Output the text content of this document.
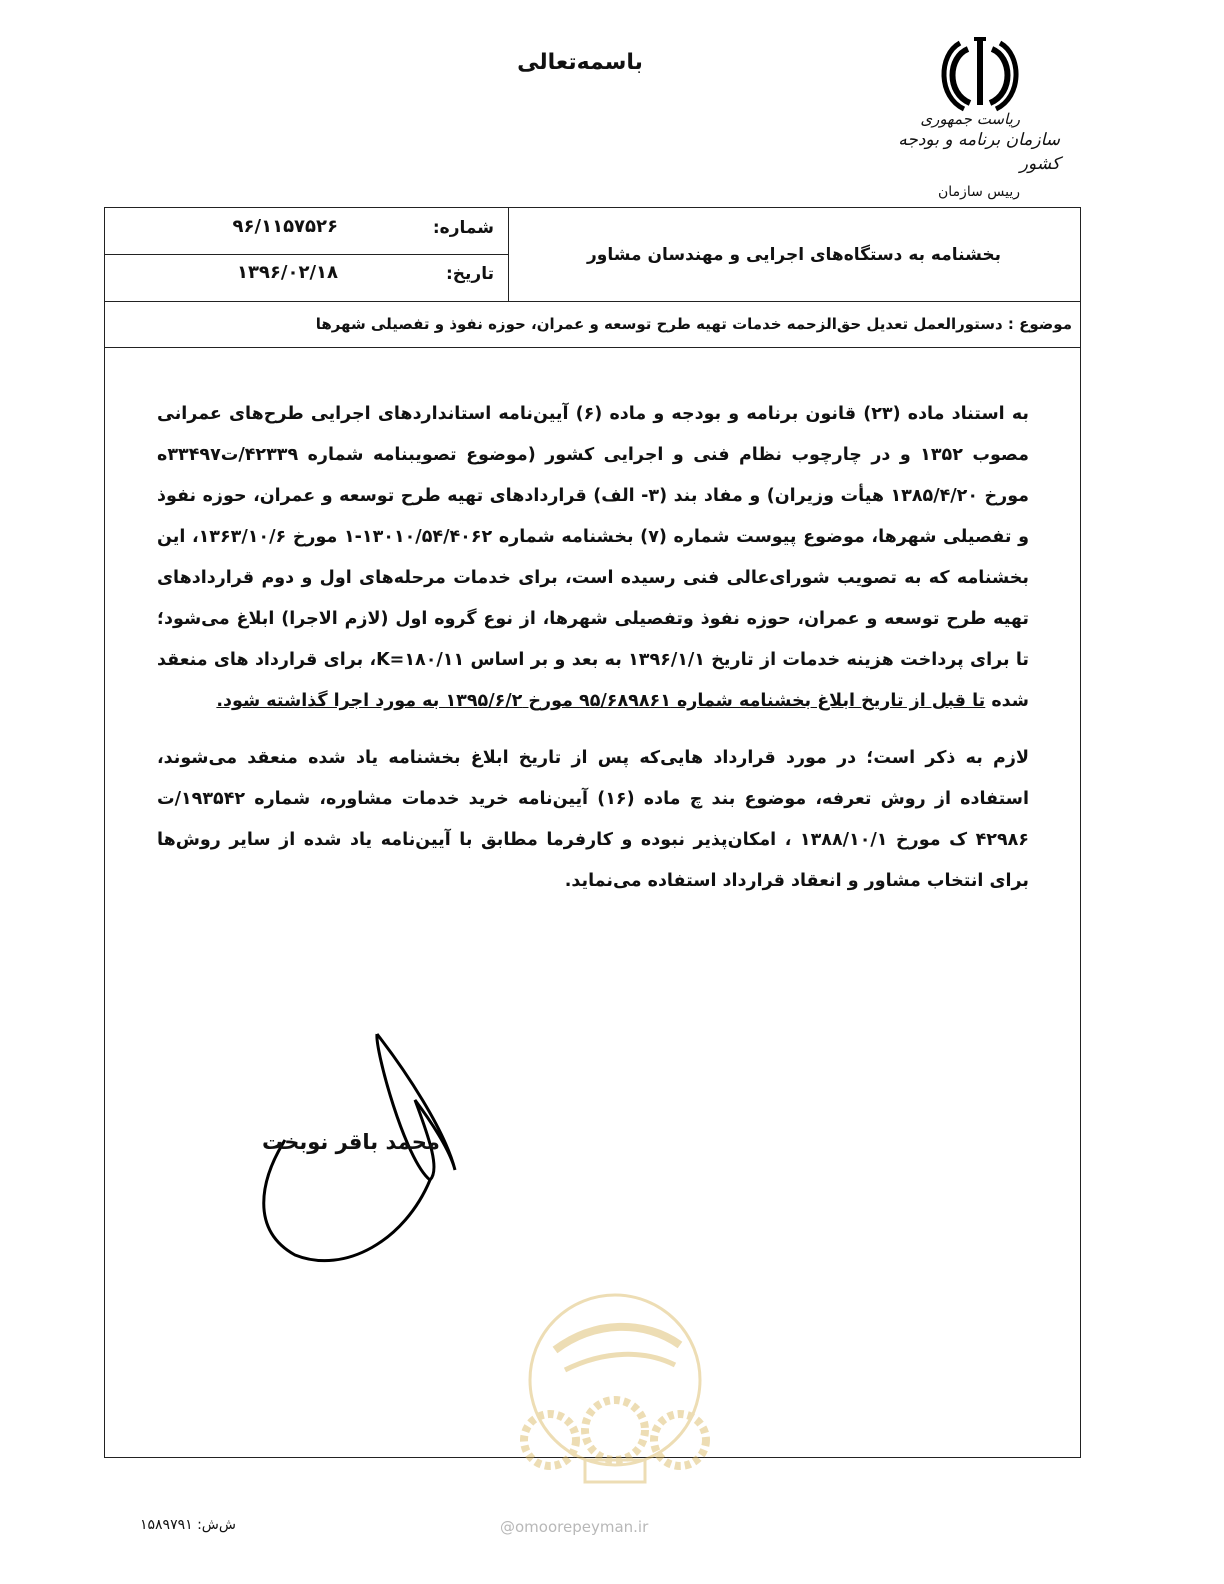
باسمه‌تعالی
ریاست جمهوری
سازمان برنامه و بودجه کشور
رییس سازمان
بخشنامه به دستگاه‌های اجرایی و مهندسان مشاور
شماره:
۹۶/۱۱۵۷۵۲۶
تاریخ:
۱۳۹۶/۰۲/۱۸
موضوع : دستورالعمل تعدیل حق‌الزحمه خدمات تهیه طرح توسعه و عمران، حوزه نفوذ و تفصیلی شهرها
به استناد ماده (۲۳) قانون برنامه و بودجه و ماده (۶) آیین‌نامه استانداردهای اجرایی طرح‌های عمرانی مصوب ۱۳۵۲ و در چارچوب نظام فنی و اجرایی کشور (موضوع تصویبنامه شماره ۴۲۳۳۹/ت۳۳۴۹۷ه مورخ ۱۳۸۵/۴/۲۰ هیأت وزیران) و مفاد بند (۳- الف) قراردادهای تهیه طرح توسعه و عمران، حوزه نفوذ و تفصیلی شهرها، موضوع پیوست شماره (۷) بخشنامه شماره ۱۳۰۱۰/۵۴/۴۰۶۲-۱ مورخ ۱۳۶۳/۱۰/۶، این بخشنامه که به تصویب شورای‌عالی فنی رسیده است، برای خدمات مرحله‌های اول و دوم قراردادهای تهیه طرح توسعه و عمران، حوزه نفوذ وتفصیلی شهرها، از نوع گروه اول (لازم الاجرا) ابلاغ می‌شود؛ تا برای پرداخت هزینه خدمات از تاریخ ۱۳۹۶/۱/۱ به بعد و بر اساس K=۱۸۰/۱۱، برای قرارداد های منعقد شده تا قبل از تاریخ ابلاغ بخشنامه شماره ۹۵/۶۸۹۸۶۱ مورخ ۱۳۹۵/۶/۲ به مورد اجرا گذاشته شود.
لازم به ذکر است؛ در مورد قرارداد هایی‌که پس از تاریخ ابلاغ بخشنامه یاد شده منعقد می‌شوند، استفاده از روش تعرفه، موضوع بند چ ماده (۱۶) آیین‌نامه خرید خدمات مشاوره، شماره ۱۹۳۵۴۲/ت ۴۲۹۸۶ ک مورخ ۱۳۸۸/۱۰/۱ ، امکان‌پذیر نبوده و کارفرما مطابق با آیین‌نامه یاد شده از سایر روش‌ها برای انتخاب مشاور و انعقاد قرارداد استفاده می‌نماید.
محمد باقر نوبخت
@omoorepeyman.ir
ش‌ش: ۱۵۸۹۷۹۱
